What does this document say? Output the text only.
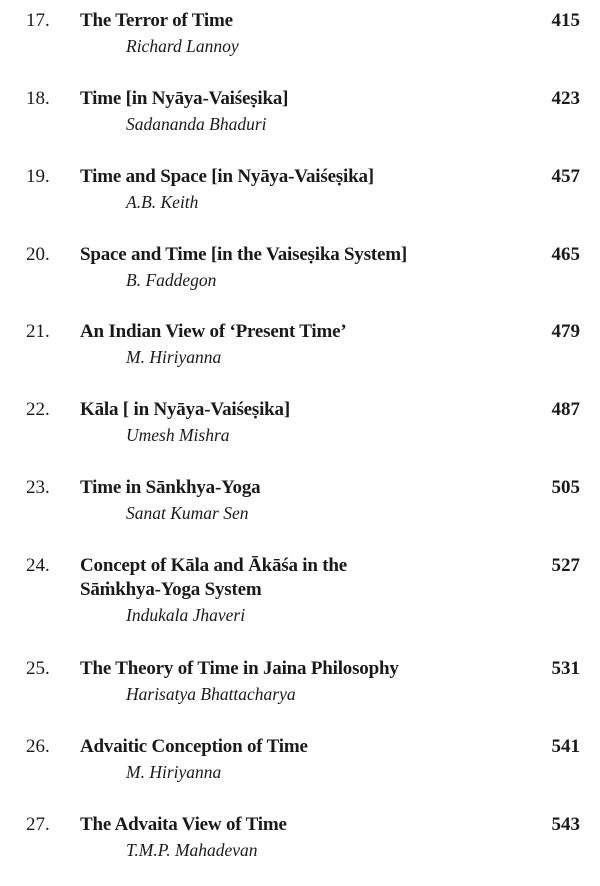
17.	The Terror of Time	415
Richard Lannoy
18.	Time [in Nyāya-Vaiśeṣika]	423
Sadananda Bhaduri
19.	Time and Space [in Nyāya-Vaiśeṣika]	457
A.B. Keith
20.	Space and Time [in the Vaiseṣika System]	465
B. Faddegon
21.	An Indian View of ‘Present Time’	479
M. Hiriyanna
22.	Kāla [ in Nyāya-Vaiśeṣika]	487
Umesh Mishra
23.	Time in Sānkhya-Yoga	505
Sanat Kumar Sen
24.	Concept of Kāla and Ākāśa in the
Sāṁkhya-Yoga System
527
Indukala Jhaveri
25.	The Theory of Time in Jaina Philosophy	531
Harisatya Bhattacharya
26.	Advaitic Conception of Time	541
M. Hiriyanna
27.	The Advaita View of Time	543
T.M.P. Mahadevan
